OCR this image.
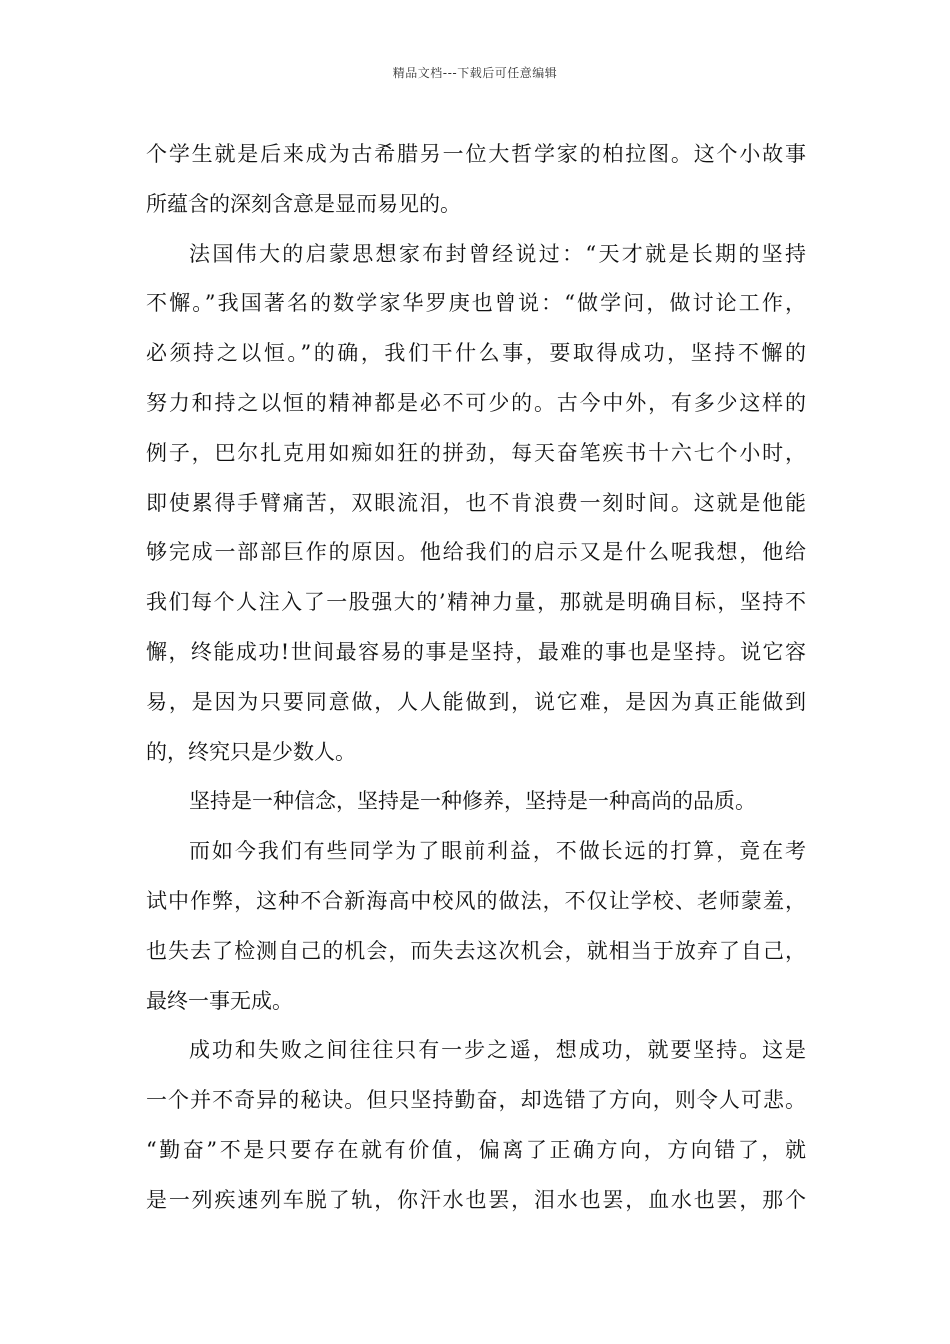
精品文档---下载后可任意编辑
个学生就是后来成为古希腊另一位大哲学家的柏拉图。这个小故事
所蕴含的深刻含意是显而易见的。
法国伟大的启蒙思想家布封曾经说过：“天才就是长期的坚持
不懈。”我国著名的数学家华罗庚也曾说：“做学问，做讨论工作，
必须持之以恒。”的确，我们干什么事，要取得成功，坚持不懈的
努力和持之以恒的精神都是必不可少的。古今中外，有多少这样的
例子，巴尔扎克用如痴如狂的拼劲，每天奋笔疾书十六七个小时，
即使累得手臂痛苦，双眼流泪，也不肯浪费一刻时间。这就是他能
够完成一部部巨作的原因。他给我们的启示又是什么呢我想，他给
我们每个人注入了一股强大的’精神力量，那就是明确目标，坚持不
懈，终能成功!世间最容易的事是坚持，最难的事也是坚持。说它容
易，是因为只要同意做，人人能做到，说它难，是因为真正能做到
的，终究只是少数人。
坚持是一种信念，坚持是一种修养，坚持是一种高尚的品质。
而如今我们有些同学为了眼前利益，不做长远的打算，竟在考
试中作弊，这种不合新海高中校风的做法，不仅让学校、老师蒙羞，
也失去了检测自己的机会，而失去这次机会，就相当于放弃了自己，
最终一事无成。
成功和失败之间往往只有一步之遥，想成功，就要坚持。这是
一个并不奇异的秘诀。但只坚持勤奋，却选错了方向，则令人可悲。
“勤奋”不是只要存在就有价值，偏离了正确方向，方向错了，就
是一列疾速列车脱了轨，你汗水也罢，泪水也罢，血水也罢，那个
